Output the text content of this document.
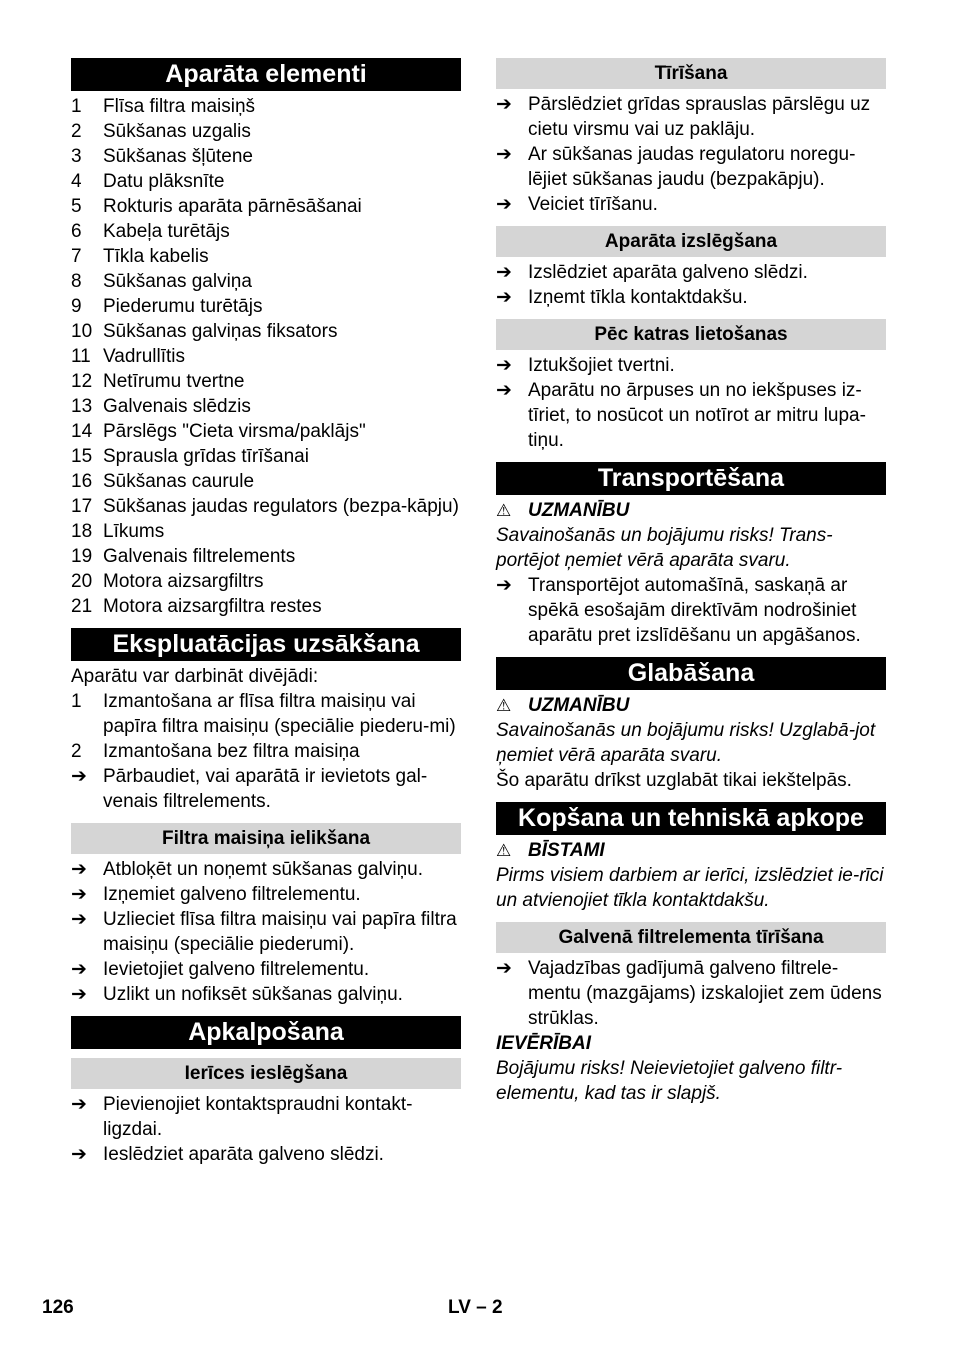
Aparāta elementi
1	Flīsa filtra maisiņš
2	Sūkšanas uzgalis
3	Sūkšanas šļūtene
4	Datu plāksnīte
5	Rokturis aparāta pārnēsāšanai
6	Kabeļa turētājs
7	Tīkla kabelis
8	Sūkšanas galviņa
9	Piederumu turētājs
10 Sūkšanas galviņas fiksators
11 Vadrullītis
12 Netīrumu tvertne
13 Galvenais slēdzis
14 Pārslēgs "Cieta virsma/paklājs"
15 Sprausla grīdas tīrīšanai
16 Sūkšanas caurule
17 Sūkšanas jaudas regulators (bezpa-kāpju)
18 Līkums
19 Galvenais filtrelements
20 Motora aizsargfiltrs
21 Motora aizsargfiltra restes
Ekspluatācijas uzsākšana
Aparātu var darbināt divējādi:
1	Izmantošana ar flīsa filtra maisiņu vai papīra filtra maisiņu (speciālie piederu-mi)
2	Izmantošana bez filtra maisiņa
➔ Pārbaudiet, vai aparātā ir ievietots gal-venais filtrelements.
Filtra maisiņa ielikšana
➔ Atbloķēt un noņemt sūkšanas galviņu.
➔ Izņemiet galveno filtrelementu.
➔ Uzlieciet flīsa filtra maisiņu vai papīra filtra maisiņu (speciālie piederumi).
➔ Ievietojiet galveno filtrelementu.
➔ Uzlikt un nofiksēt sūkšanas galviņu.
Apkalpošana
Ierīces ieslēgšana
➔ Pievienojiet kontaktspraudni kontakt-ligzdai.
➔ Ieslēdziet aparāta galveno slēdzi.
Tīrīšana
➔ Pārslēdziet grīdas sprauslas pārslēgu uz cietu virsmu vai uz paklāju.
➔ Ar sūkšanas jaudas regulatoru noregu-lējiet sūkšanas jaudu (bezpakāpju).
➔ Veiciet tīrīšanu.
Aparāta izslēgšana
➔ Izslēdziet aparāta galveno slēdzi.
➔ Izņemt tīkla kontaktdakšu.
Pēc katras lietošanas
➔ Iztukšojiet tvertni.
➔ Aparātu no ārpuses un no iekšpuses iz-tīriet, to nosūcot un notīrot ar mitru lupa-tiņu.
Transportēšana
⚠ UZMANĪBU
Savainošanās un bojājumu risks! Trans-portējot ņemiet vērā aparāta svaru.
➔ Transportējot automašīnā, saskaņā ar spēkā esošajām direktīvām nodrošiniet aparātu pret izslīdēšanu un apgāšanos.
Glabāšana
⚠ UZMANĪBU
Savainošanās un bojājumu risks! Uzglabā-jot ņemiet vērā aparāta svaru.
Šo aparātu drīkst uzglabāt tikai iekštelpās.
Kopšana un tehniskā apkope
⚠ BĪSTAMI
Pirms visiem darbiem ar ierīci, izslēdziet ie-rīci un atvienojiet tīkla kontaktdakšu.
Galvenā filtrelementa tīrīšana
➔ Vajadzības gadījumā galveno filtrele-mentu (mazgājams) izskalojiet zem ūdens strūklas.
IEVĒRĪBAI
Bojājumu risks! Neievietojiet galveno filtr-elementu, kad tas ir slapjš.
126	LV – 2
